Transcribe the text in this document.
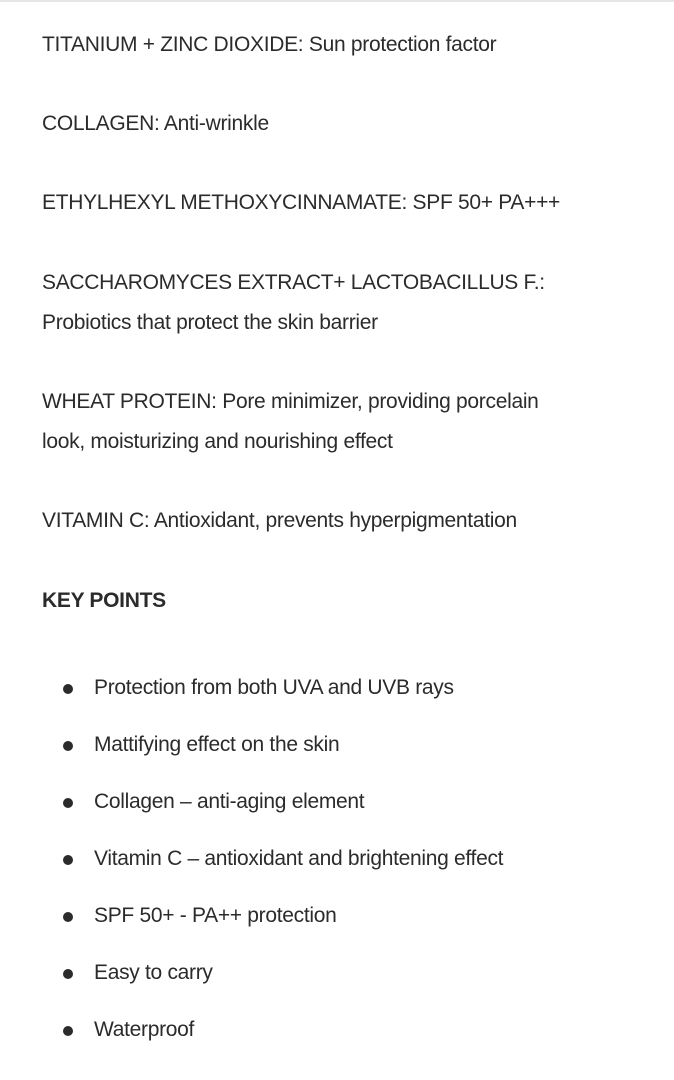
TITANIUM + ZINC DIOXIDE: Sun protection factor
COLLAGEN: Anti-wrinkle
ETHYLHEXYL METHOXYCINNAMATE: SPF 50+ PA+++
SACCHAROMYCES EXTRACT+ LACTOBACILLUS F.:
Probiotics that protect the skin barrier
WHEAT PROTEIN: Pore minimizer, providing porcelain
look, moisturizing and nourishing effect
VITAMIN C: Antioxidant, prevents hyperpigmentation
KEY POINTS
Protection from both UVA and UVB rays
Mattifying effect on the skin
Collagen – anti-aging element
Vitamin C – antioxidant and brightening effect
SPF 50+ - PA++ protection
Easy to carry
Waterproof
